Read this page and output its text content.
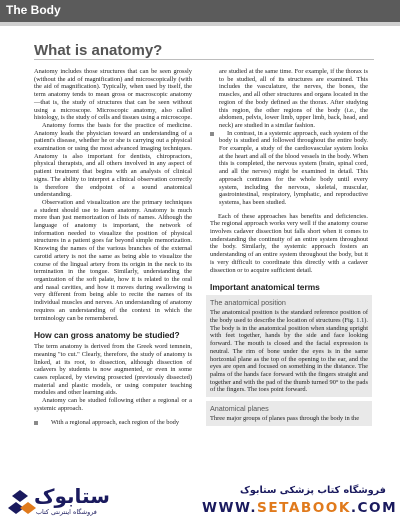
The Body

What is anatomy?

Anatomy includes those structures that can be seen grossly (without the aid of magnification) and microscopically (with the aid of magnification). Typically, when used by itself, the term anatomy tends to mean gross or macroscopic anatomy—that is, the study of structures that can be seen without using a microscope. Microscopic anatomy, also called histology, is the study of cells and tissues using a microscope.

Anatomy forms the basis for the practice of medicine. Anatomy leads the physician toward an understanding of a patient's disease, whether he or she is carrying out a physical examination or using the most advanced imaging techniques. Anatomy is also important for dentists, chiropractors, physical therapists, and all others involved in any aspect of patient treatment that begins with an analysis of clinical signs. The ability to interpret a clinical observation correctly is therefore the endpoint of a sound anatomical understanding.

Observation and visualization are the primary techniques a student should use to learn anatomy. Anatomy is much more than just memorization of lists of names. Although the language of anatomy is important, the network of information needed to visualize the position of physical structures in a patient goes far beyond simple memorization. Knowing the names of the various branches of the external carotid artery is not the same as being able to visualize the course of the lingual artery from its origin in the neck to its termination in the tongue. Similarly, understanding the organization of the soft palate, how it is related to the oral and nasal cavities, and how it moves during swallowing is very different from being able to recite the names of its individual muscles and nerves. An understanding of anatomy requires an understanding of the context in which the terminology can be remembered.

How can gross anatomy be studied?

The term anatomy is derived from the Greek word temnein, meaning "to cut." Clearly, therefore, the study of anatomy is linked, at its root, to dissection, although dissection of cadavers by students is now augmented, or even in some cases replaced, by viewing prosected (previously dissected) material and plastic models, or using computer teaching modules and other learning aids.

Anatomy can be studied following either a regional or a systemic approach.

With a regional approach, each region of the body

are studied at the same time. For example, if the thorax is to be studied, all of its structures are examined. This includes the vasculature, the nerves, the bones, the muscles, and all other structures and organs located in the region of the body defined as the thorax. After studying this region, the other regions of the body (i.e., the abdomen, pelvis, lower limb, upper limb, back, head, and neck) are studied in a similar fashion.

In contrast, in a systemic approach, each system of the body is studied and followed throughout the entire body. For example, a study of the cardiovascular system looks at the heart and all of the blood vessels in the body. When this is completed, the nervous system (brain, spinal cord, and all the nerves) might be examined in detail. This approach continues for the whole body until every system, including the nervous, skeletal, muscular, gastrointestinal, respiratory, lymphatic, and reproductive systems, has been studied.

Each of these approaches has benefits and deficiencies. The regional approach works very well if the anatomy course involves cadaver dissection but falls short when it comes to understanding the continuity of an entire system throughout the body. Similarly, the systemic approach fosters an understanding of an entire system throughout the body, but it is very difficult to coordinate this directly with a cadaver dissection or to acquire sufficient detail.

Important anatomical terms
The anatomical position

The anatomical position is the standard reference position of the body used to describe the location of structures (Fig. 1.1). The body is in the anatomical position when standing upright with feet together, hands by the side and face looking forward. The mouth is closed and the facial expression is neutral. The rim of bone under the eyes is in the same horizontal plane as the top of the opening to the ear, and the eyes are open and focused on something in the distance. The palms of the hands face forward with the fingers straight and together and with the pad of the thumb turned 90° to the pads of the fingers. The toes point forward.

Anatomical planes

Three major groups of planes pass through the body in the

ستابوک

فروشگاه اینترنتی کتاب

فروشگاه کتاب پزشکی ستابوک

WWW.SETABOOK.COM
